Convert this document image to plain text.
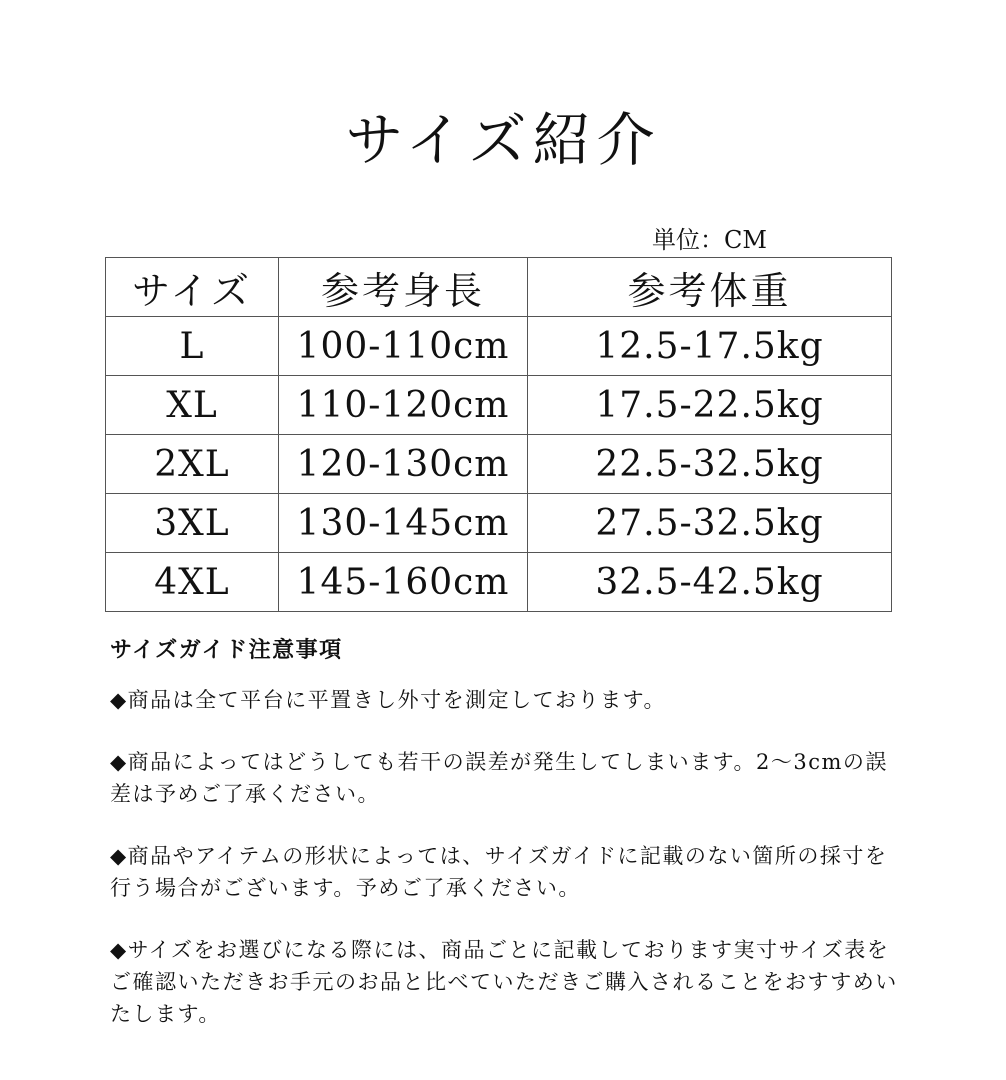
サイズ紹介
単位：CM
サイズ	参考身長	参考体重
L	100-110cm	12.5-17.5kg
XL	110-120cm	17.5-22.5kg
2XL	120-130cm	22.5-32.5kg
3XL	130-145cm	27.5-32.5kg
4XL	145-160cm	32.5-42.5kg
サイズガイド注意事項
◆商品は全て平台に平置きし外寸を測定しております。
◆商品によってはどうしても若干の誤差が発生してしまいます。2～3cmの誤差は予めご了承ください。
◆商品やアイテムの形状によっては、サイズガイドに記載のない箇所の採寸を行う場合がございます。予めご了承ください。
◆サイズをお選びになる際には、商品ごとに記載しております実寸サイズ表をご確認いただきお手元のお品と比べていただきご購入されることをおすすめいたします。
